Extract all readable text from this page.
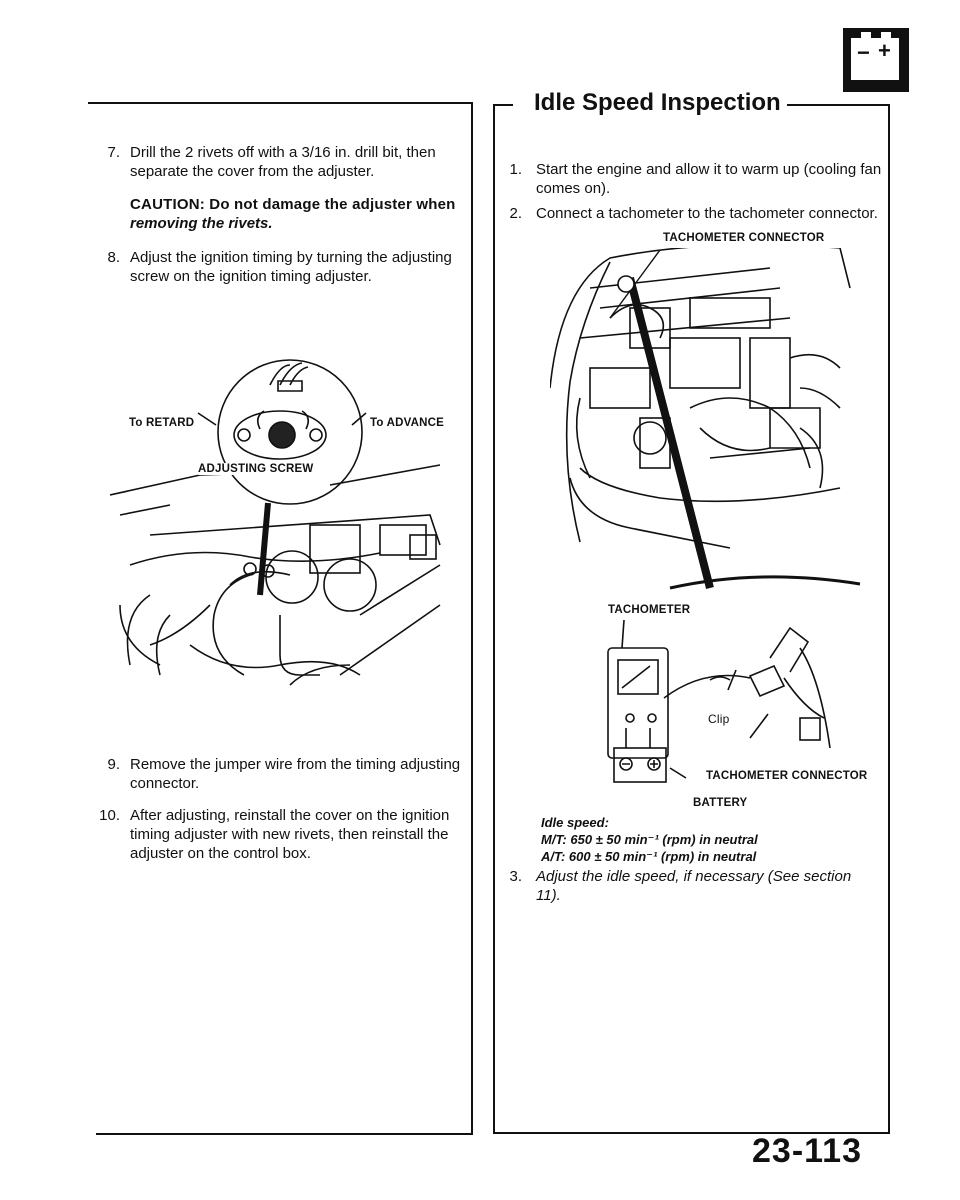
− +
7. Drill the 2 rivets off with a 3/16 in. drill bit, then
separate the cover from the adjuster.
CAUTION: Do not damage the adjuster when
removing the rivets.
8. Adjust the ignition timing by turning the adjusting
screw on the ignition timing adjuster.
To RETARD	To ADVANCE
ADJUSTING SCREW
9. Remove the jumper wire from the timing adjusting
connector.
10. After adjusting, reinstall the cover on the ignition
timing adjuster with new rivets, then reinstall the
adjuster on the control box.
Idle Speed Inspection
1. Start the engine and allow it to warm up (cooling fan
comes on).
2. Connect a tachometer to the tachometer connector.
TACHOMETER CONNECTOR
TACHOMETER
Clip
TACHOMETER CONNECTOR
BATTERY
Idle speed:
M/T: 650 ± 50 min⁻¹ (rpm) in neutral
A/T: 600 ± 50 min⁻¹ (rpm) in neutral
3. Adjust the idle speed, if necessary (See section
11).
23-113
